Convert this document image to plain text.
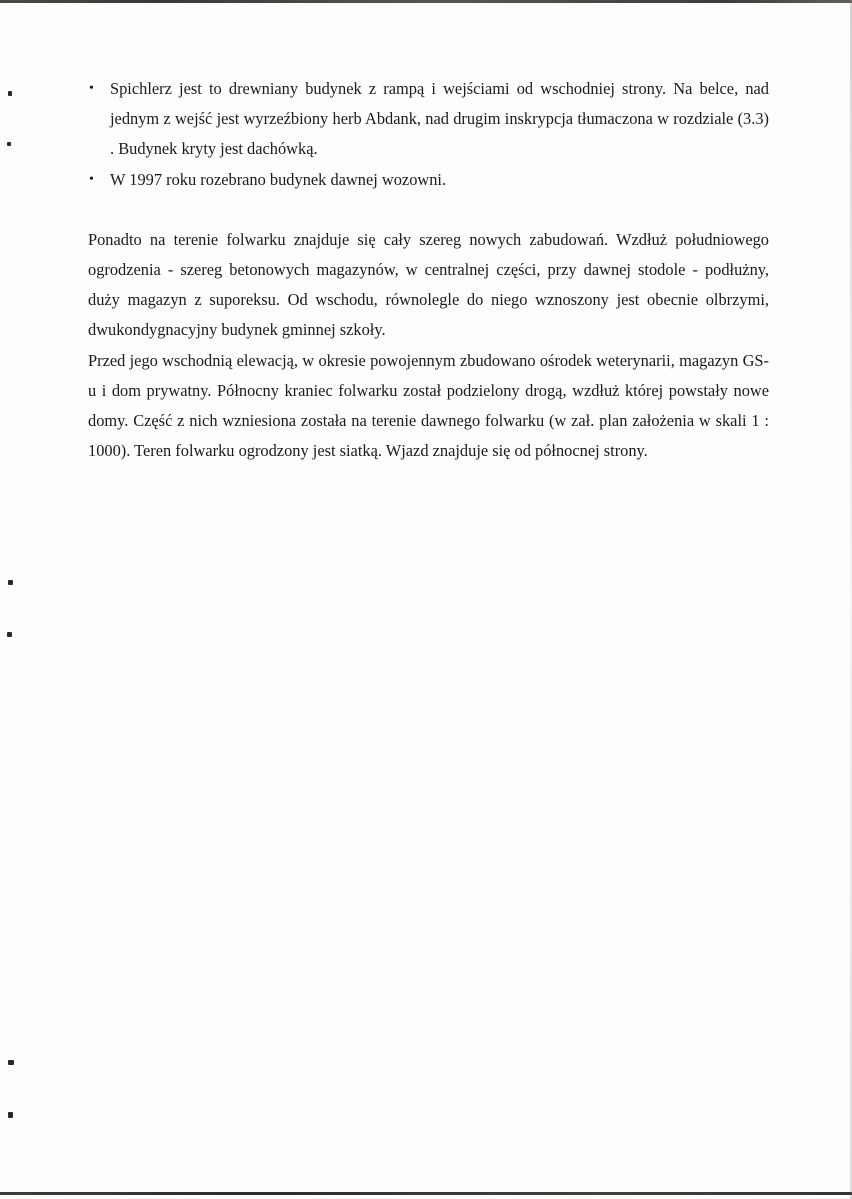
• Spichlerz jest to drewniany budynek z rampą i wejściami od wschodniej strony. Na belce, nad jednym z wejść jest wyrzeźbiony herb Abdank, nad drugim inskrypcja tłumaczona w rozdziale (3.3) . Budynek kryty jest dachówką.
• W 1997 roku rozebrano budynek dawnej wozowni.

Ponadto na terenie folwarku znajduje się cały szereg nowych zabudowań. Wzdłuż południowego ogrodzenia - szereg betonowych magazynów, w centralnej części, przy dawnej stodole - podłużny, duży magazyn z suporeksu. Od wschodu, równolegle do niego wznoszony jest obecnie olbrzymi, dwukondygnacyjny budynek gminnej szkoły.

Przed jego wschodnią elewacją, w okresie powojennym zbudowano ośrodek weterynarii, magazyn GS-u i dom prywatny. Północny kraniec folwarku został podzielony drogą, wzdłuż której powstały nowe domy. Część z nich wzniesiona została na terenie dawnego folwarku (w zał. plan założenia w skali 1 : 1000). Teren folwarku ogrodzony jest siatką. Wjazd znajduje się od północnej strony.
